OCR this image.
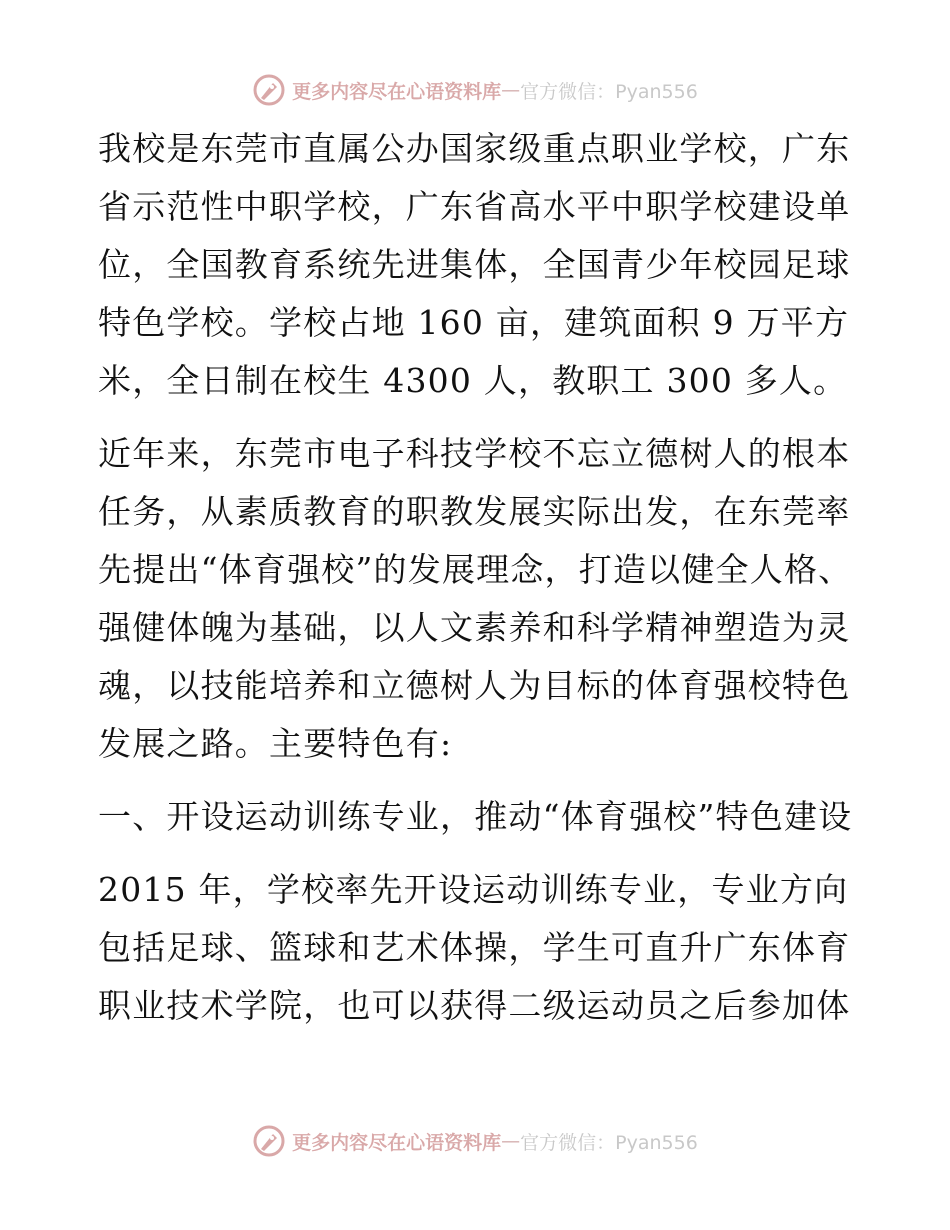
更多内容尽在心语资料库 — 官方微信：Pyan556

我校是东莞市直属公办国家级重点职业学校，广东省示范性中职学校，广东省高水平中职学校建设单位，全国教育系统先进集体，全国青少年校园足球特色学校。学校占地 160 亩，建筑面积 9 万平方米，全日制在校生 4300 人，教职工 300 多人。

近年来，东莞市电子科技学校不忘立德树人的根本任务，从素质教育的职教发展实际出发，在东莞率先提出“体育强校”的发展理念，打造以健全人格、强健体魄为基础，以人文素养和科学精神塑造为灵魂，以技能培养和立德树人为目标的体育强校特色发展之路。主要特色有:

一、开设运动训练专业，推动“体育强校”特色建设

2015 年，学校率先开设运动训练专业，专业方向包括足球、篮球和艺术体操，学生可直升广东体育职业技术学院，也可以获得二级运动员之后参加体

更多内容尽在心语资料库 — 官方微信：Pyan556
